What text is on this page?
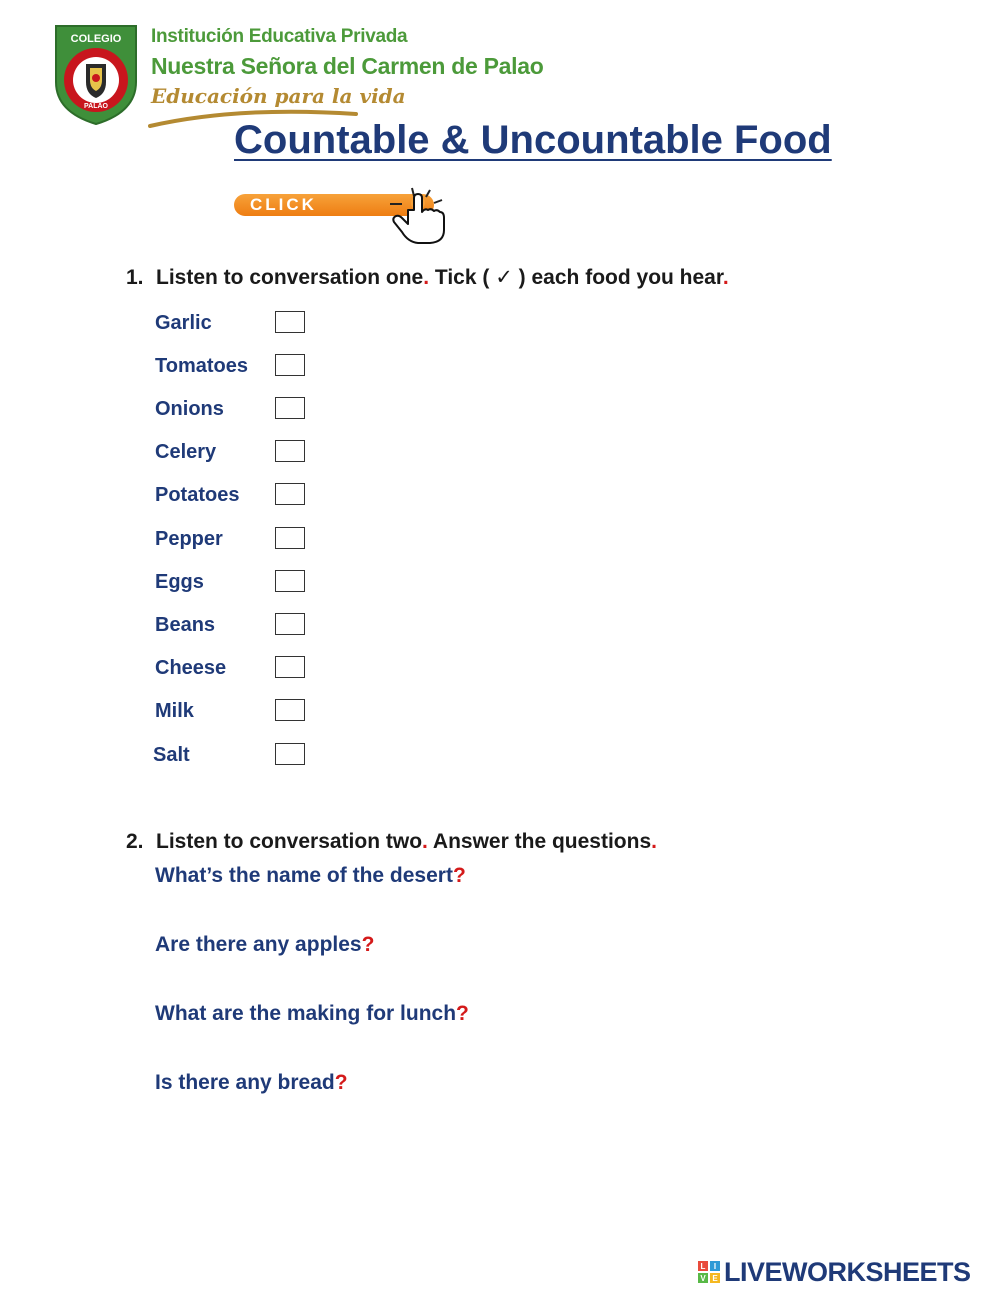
COLEGIO
PALAO
Institución Educativa Privada
Nuestra Señora del Carmen de Palao
Educación para la vida
Countable & Uncountable Food
CLICK
1. Listen to conversation one. Tick ( ✓ ) each food you hear.
Garlic
Tomatoes
Onions
Celery
Potatoes
Pepper
Eggs
Beans
Cheese
Milk
Salt
2. Listen to conversation two. Answer the questions.
What’s the name of the desert?
Are there any apples?
What are the making for lunch?
Is there any bread?
L I
V E LIVEWORKSHEETS
